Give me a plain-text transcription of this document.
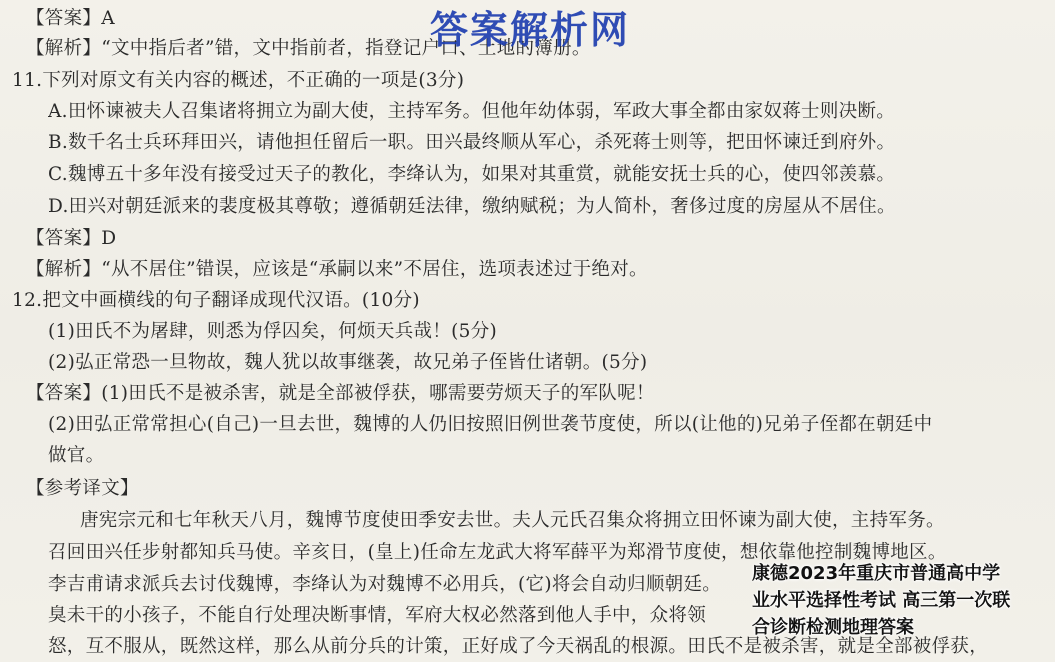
【答案】A
【解析】“文中指后者”错，文中指前者，指登记户口、土地的簿册。
11.下列对原文有关内容的概述，不正确的一项是(3分)
A.田怀谏被夫人召集诸将拥立为副大使，主持军务。但他年幼体弱，军政大事全都由家奴蒋士则决断。
B.数千名士兵环拜田兴，请他担任留后一职。田兴最终顺从军心，杀死蒋士则等，把田怀谏迁到府外。
C.魏博五十多年没有接受过天子的教化，李绛认为，如果对其重赏，就能安抚士兵的心，使四邻羡慕。
D.田兴对朝廷派来的裴度极其尊敬；遵循朝廷法律，缴纳赋税；为人简朴，奢侈过度的房屋从不居住。
【答案】D
【解析】“从不居住”错误，应该是“承嗣以来”不居住，选项表述过于绝对。
12.把文中画横线的句子翻译成现代汉语。(10分)
(1)田氏不为屠肆，则悉为俘囚矣，何烦天兵哉！(5分)
(2)弘正常恐一旦物故，魏人犹以故事继袭，故兄弟子侄皆仕诸朝。(5分)
【答案】(1)田氏不是被杀害，就是全部被俘获，哪需要劳烦天子的军队呢！
(2)田弘正常常担心(自己)一旦去世，魏博的人仍旧按照旧例世袭节度使，所以(让他的)兄弟子侄都在朝廷中
做官。
【参考译文】
唐宪宗元和七年秋天八月，魏博节度使田季安去世。夫人元氏召集众将拥立田怀谏为副大使，主持军务。
召回田兴任步射都知兵马使。辛亥日，(皇上)任命左龙武大将军薛平为郑滑节度使，想依靠他控制魏博地区。
李吉甫请求派兵去讨伐魏博，李绛认为对魏博不必用兵，(它)将会自动归顺朝廷。
臭未干的小孩子，不能自行处理决断事情，军府大权必然落到他人手中，众将领
怒，互不服从，既然这样，那么从前分兵的计策，正好成了今天祸乱的根源。田氏不是被杀害，就是全部被俘获，
答案解析网
康德2023年重庆市普通高中学
业水平选择性考试 高三第一次联
合诊断检测地理答案
